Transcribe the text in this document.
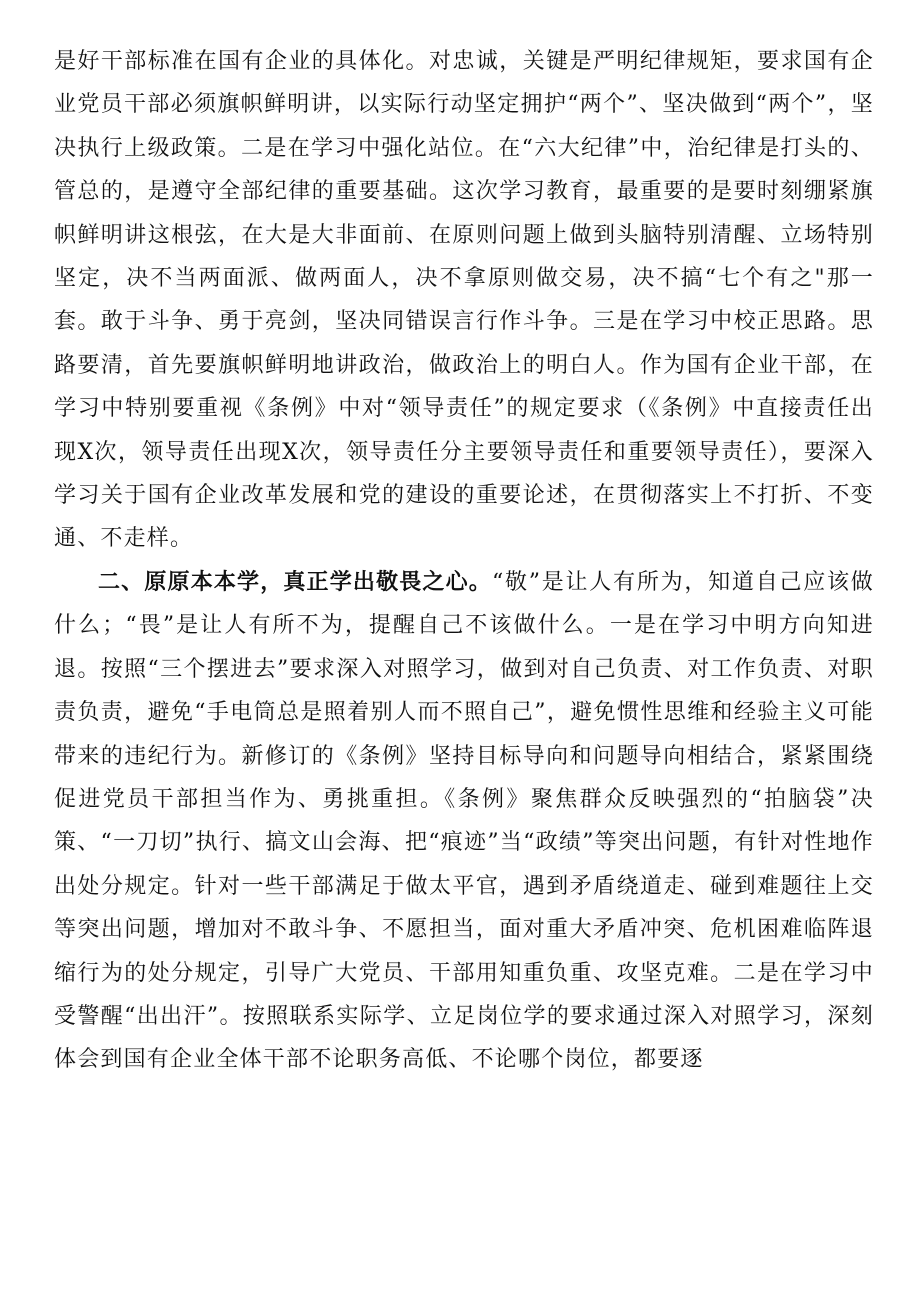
是好干部标准在国有企业的具体化。对忠诚，关键是严明纪律规矩，要求国有企业党员干部必须旗帜鲜明讲，以实际行动坚定拥护“两个”、坚决做到“两个”，坚决执行上级政策。二是在学习中强化站位。在“六大纪律”中，治纪律是打头的、管总的，是遵守全部纪律的重要基础。这次学习教育，最重要的是要时刻绷紧旗帜鲜明讲这根弦，在大是大非面前、在原则问题上做到头脑特别清醒、立场特别坚定，决不当两面派、做两面人，决不拿原则做交易，决不搞“七个有之"那一套。敢于斗争、勇于亮剑，坚决同错误言行作斗争。三是在学习中校正思路。思路要清，首先要旗帜鲜明地讲政治，做政治上的明白人。作为国有企业干部，在学习中特别要重视《条例》中对“领导责任”的规定要求（《条例》中直接责任出现X次，领导责任出现X次，领导责任分主要领导责任和重要领导责任），要深入学习关于国有企业改革发展和党的建设的重要论述，在贯彻落实上不打折、不变通、不走样。

二、原原本本学，真正学出敬畏之心。“敬”是让人有所为，知道自己应该做什么；“畏”是让人有所不为，提醒自己不该做什么。一是在学习中明方向知进退。按照“三个摆进去”要求深入对照学习，做到对自己负责、对工作负责、对职责负责，避免“手电筒总是照着别人而不照自己”，避免惯性思维和经验主义可能带来的违纪行为。新修订的《条例》坚持目标导向和问题导向相结合，紧紧围绕促进党员干部担当作为、勇挑重担。《条例》聚焦群众反映强烈的“拍脑袋”决策、“一刀切”执行、搞文山会海、把“痕迹”当“政绩”等突出问题，有针对性地作出处分规定。针对一些干部满足于做太平官，遇到矛盾绕道走、碰到难题往上交等突出问题，增加对不敢斗争、不愿担当，面对重大矛盾冲突、危机困难临阵退缩行为的处分规定，引导广大党员、干部用知重负重、攻坚克难。二是在学习中受警醒“出出汗”。按照联系实际学、立足岗位学的要求通过深入对照学习，深刻体会到国有企业全体干部不论职务高低、不论哪个岗位，都要逐
